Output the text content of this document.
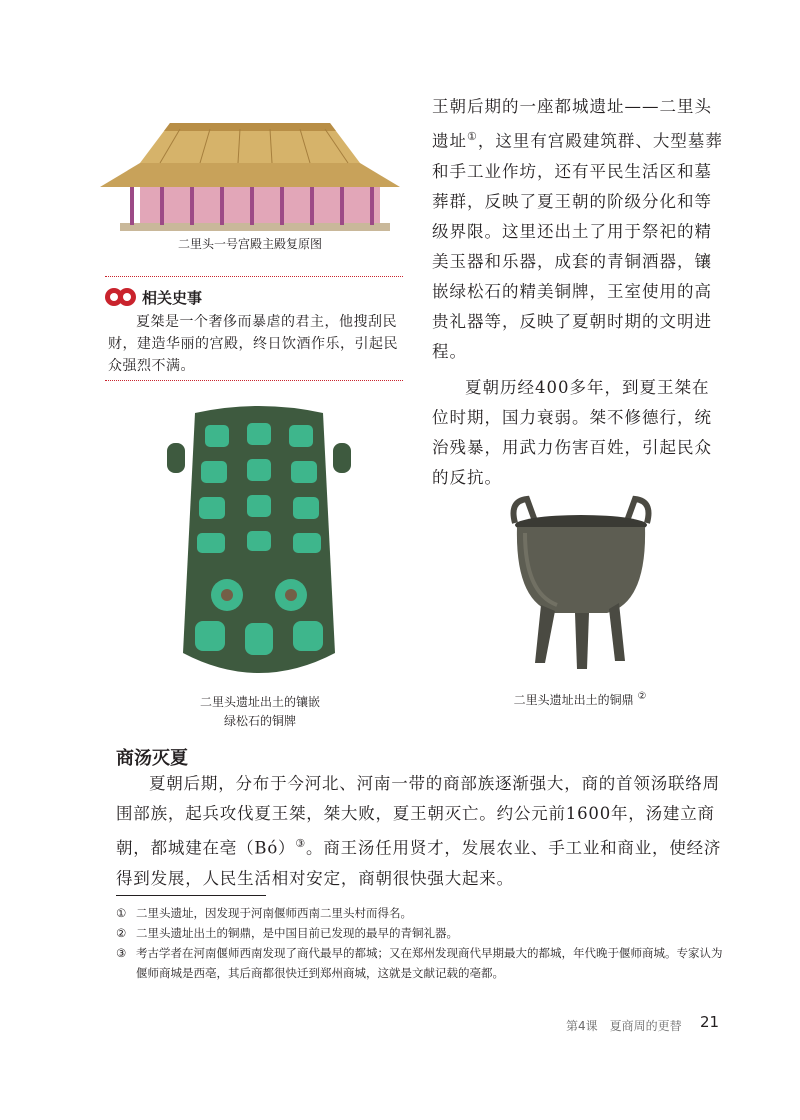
二里头一号宫殿主殿复原图
相关史事
夏桀是一个奢侈而暴虐的君主，他搜刮民财，建造华丽的宫殿，终日饮酒作乐，引起民众强烈不满。

王朝后期的一座都城遗址——二里头遗址①，这里有宫殿建筑群、大型墓葬和手工业作坊，还有平民生活区和墓葬群，反映了夏王朝的阶级分化和等级界限。这里还出土了用于祭祀的精美玉器和乐器，成套的青铜酒器，镶嵌绿松石的精美铜牌，王室使用的高贵礼器等，反映了夏朝时期的文明进程。

夏朝历经400多年，到夏王桀在位时期，国力衰弱。桀不修德行，统治残暴，用武力伤害百姓，引起民众的反抗。

二里头遗址出土的镶嵌
绿松石的铜牌
二里头遗址出土的铜鼎 ②
商汤灭夏
夏朝后期，分布于今河北、河南一带的商部族逐渐强大，商的首领汤联络周围部族，起兵攻伐夏王桀，桀大败，夏王朝灭亡。约公元前1600年，汤建立商朝，都城建在亳（Bó）③。商王汤任用贤才，发展农业、手工业和商业，使经济得到发展，人民生活相对安定，商朝很快强大起来。
① 二里头遗址，因发现于河南偃师西南二里头村而得名。
② 二里头遗址出土的铜鼎，是中国目前已发现的最早的青铜礼器。
③ 考古学者在河南偃师西南发现了商代最早的都城；又在郑州发现商代早期最大的都城，年代晚于偃师商城。专家认为偃师商城是西亳，其后商都很快迁到郑州商城，这就是文献记载的亳都。
第4课　夏商周的更替 21
